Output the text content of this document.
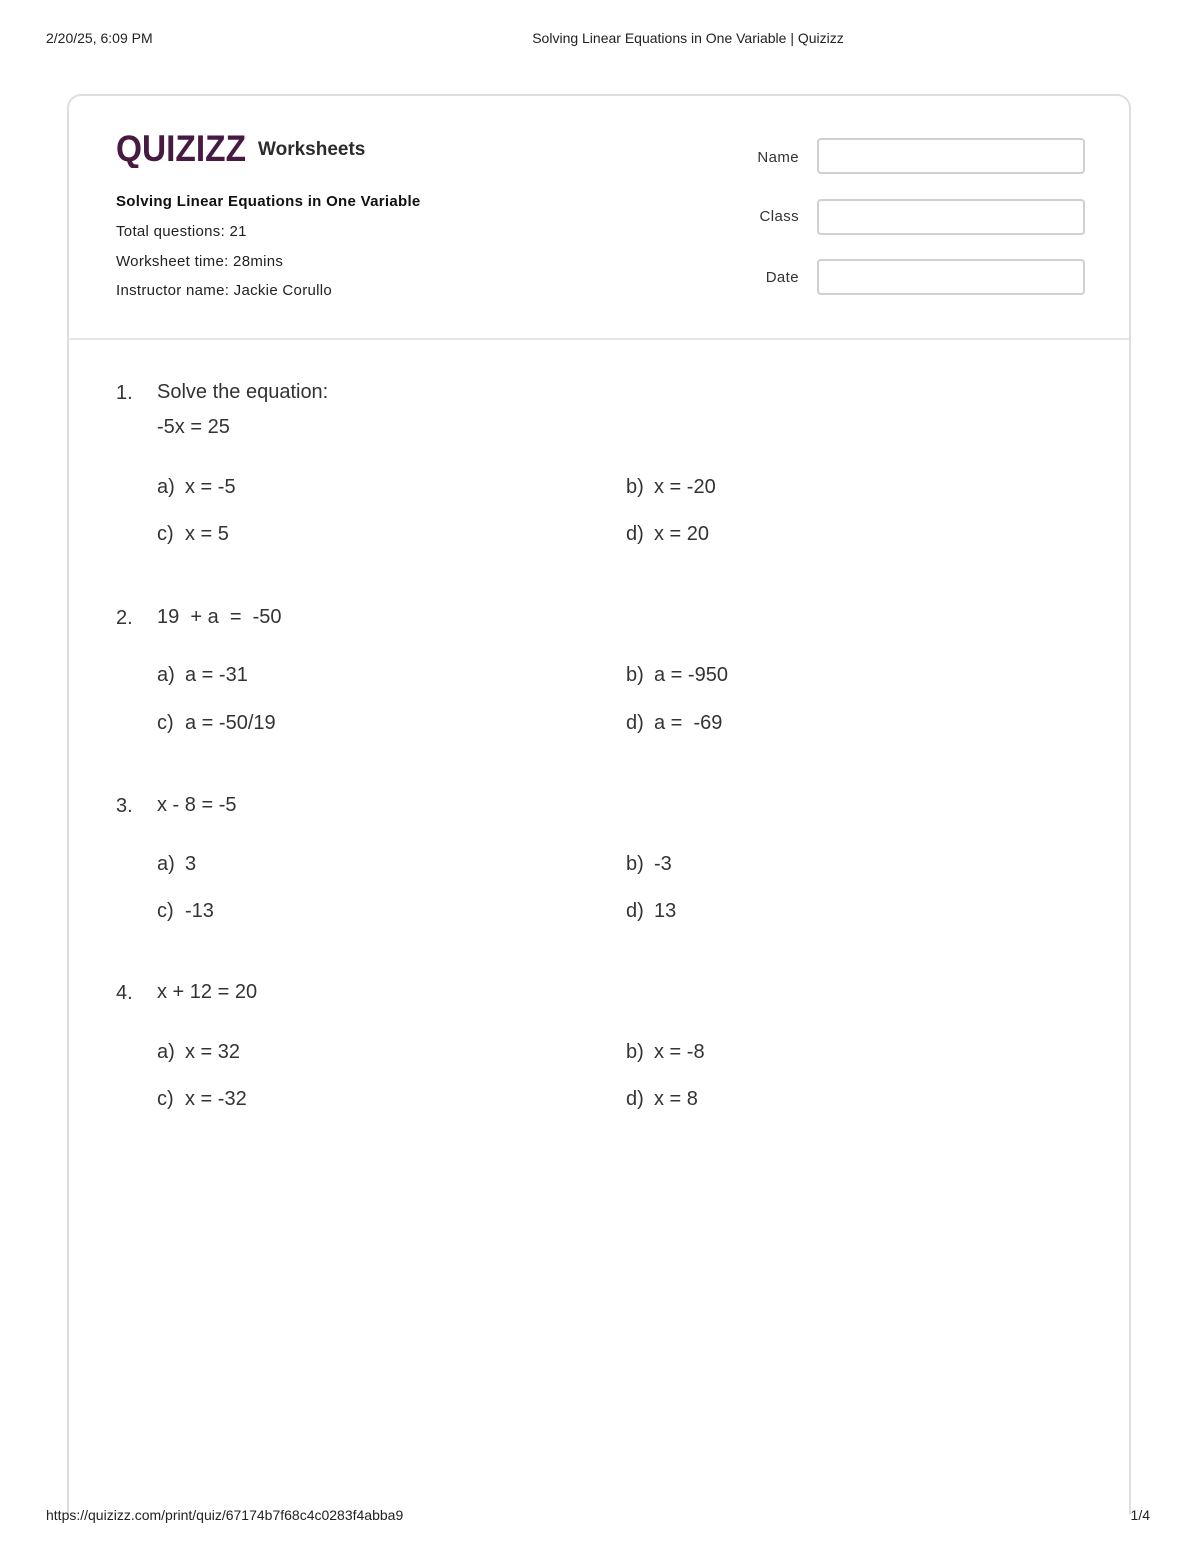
2/20/25, 6:09 PM	Solving Linear Equations in One Variable | Quizizz
QUIZIZZ Worksheets
Solving Linear Equations in One Variable
Total questions: 21
Worksheet time: 28mins
Instructor name: Jackie Corullo
Name
Class
Date
1. Solve the equation:
-5x = 25
a) x = -5	b) x = -20
c) x = 5	d) x = 20
2. 19  + a  =  -50
a) a = -31	b) a = -950
c) a = -50/19	d) a =  -69
3. x - 8 = -5
a) 3	b) -3
c) -13	d) 13
4. x + 12 = 20
a) x = 32	b) x = -8
c) x = -32	d) x = 8
https://quizizz.com/print/quiz/67174b7f68c4c0283f4abba9	1/4
